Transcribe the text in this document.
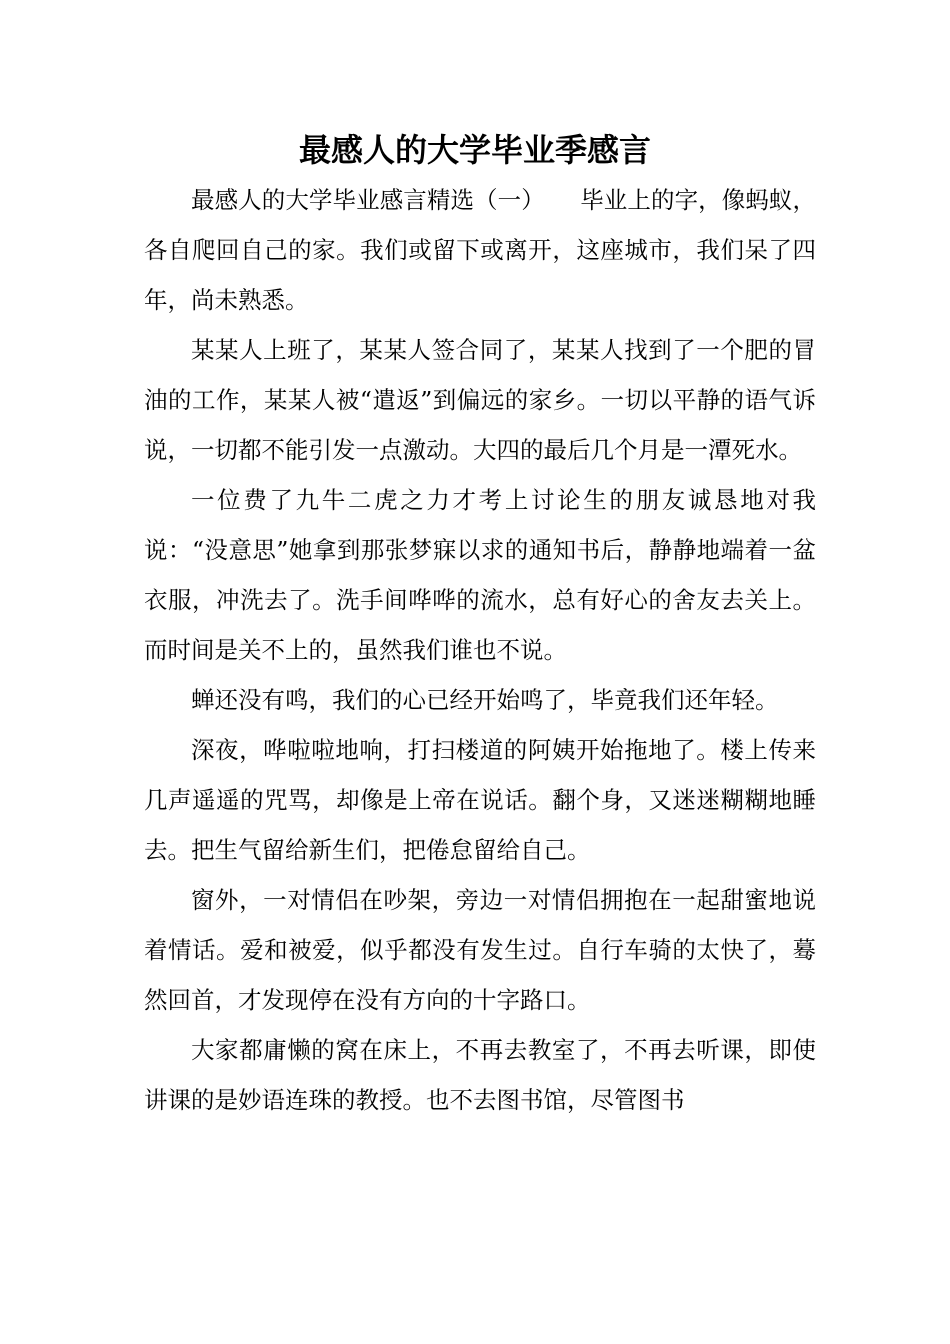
最感人的大学毕业季感言

最感人的大学毕业感言精选（一）　　毕业上的字，像蚂蚁，各自爬回自己的家。我们或留下或离开，这座城市，我们呆了四年，尚未熟悉。

某某人上班了，某某人签合同了，某某人找到了一个肥的冒油的工作，某某人被“遣返”到偏远的家乡。一切以平静的语气诉说，一切都不能引发一点激动。大四的最后几个月是一潭死水。

一位费了九牛二虎之力才考上讨论生的朋友诚恳地对我说：“没意思”她拿到那张梦寐以求的通知书后，静静地端着一盆衣服，冲洗去了。洗手间哗哗的流水，总有好心的舍友去关上。而时间是关不上的，虽然我们谁也不说。

蝉还没有鸣，我们的心已经开始鸣了，毕竟我们还年轻。

深夜，哗啦啦地响，打扫楼道的阿姨开始拖地了。楼上传来几声遥遥的咒骂，却像是上帝在说话。翻个身，又迷迷糊糊地睡去。把生气留给新生们，把倦怠留给自己。

窗外，一对情侣在吵架，旁边一对情侣拥抱在一起甜蜜地说着情话。爱和被爱，似乎都没有发生过。自行车骑的太快了，蓦然回首，才发现停在没有方向的十字路口。

大家都庸懒的窝在床上，不再去教室了，不再去听课，即使讲课的是妙语连珠的教授。也不去图书馆，尽管图书
